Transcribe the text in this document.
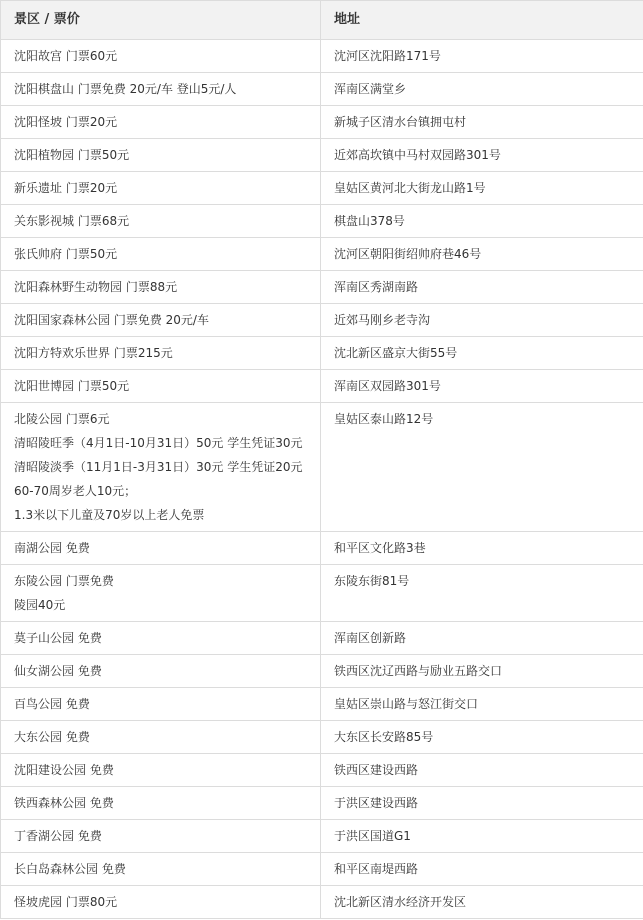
景区 / 票价	地址

沈阳故宫 门票60元	沈河区沈阳路171号

沈阳棋盘山 门票免费 20元/车 登山5元/人	浑南区满堂乡

沈阳怪坡 门票20元	新城子区清水台镇拥屯村

沈阳植物园 门票50元	近郊高坎镇中马村双园路301号

新乐遗址 门票20元	皇姑区黄河北大街龙山路1号

关东影视城 门票68元	棋盘山378号

张氏帅府 门票50元	沈河区朝阳街绍帅府巷46号

沈阳森林野生动物园 门票88元	浑南区秀湖南路

沈阳国家森林公园 门票免费 20元/车	近郊马刚乡老寺沟

沈阳方特欢乐世界 门票215元	沈北新区盛京大街55号

沈阳世博园 门票50元	浑南区双园路301号

北陵公园 门票6元
清昭陵旺季（4月1日-10月31日）50元 学生凭证30元
清昭陵淡季（11月1日-3月31日）30元 学生凭证20元
60-70周岁老人10元；
1.3米以下儿童及70岁以上老人免票	皇姑区泰山路12号

南湖公园 免费	和平区文化路3巷

东陵公园 门票免费
陵园40元	东陵东街81号

莫子山公园 免费	浑南区创新路

仙女湖公园 免费	铁西区沈辽西路与励业五路交口

百鸟公园 免费	皇姑区崇山路与怒江街交口

大东公园 免费	大东区长安路85号

沈阳建设公园 免费	铁西区建设西路

铁西森林公园 免费	于洪区建设西路

丁香湖公园 免费	于洪区国道G1

长白岛森林公园 免费	和平区南堤西路

怪坡虎园 门票80元	沈北新区清水经济开发区
